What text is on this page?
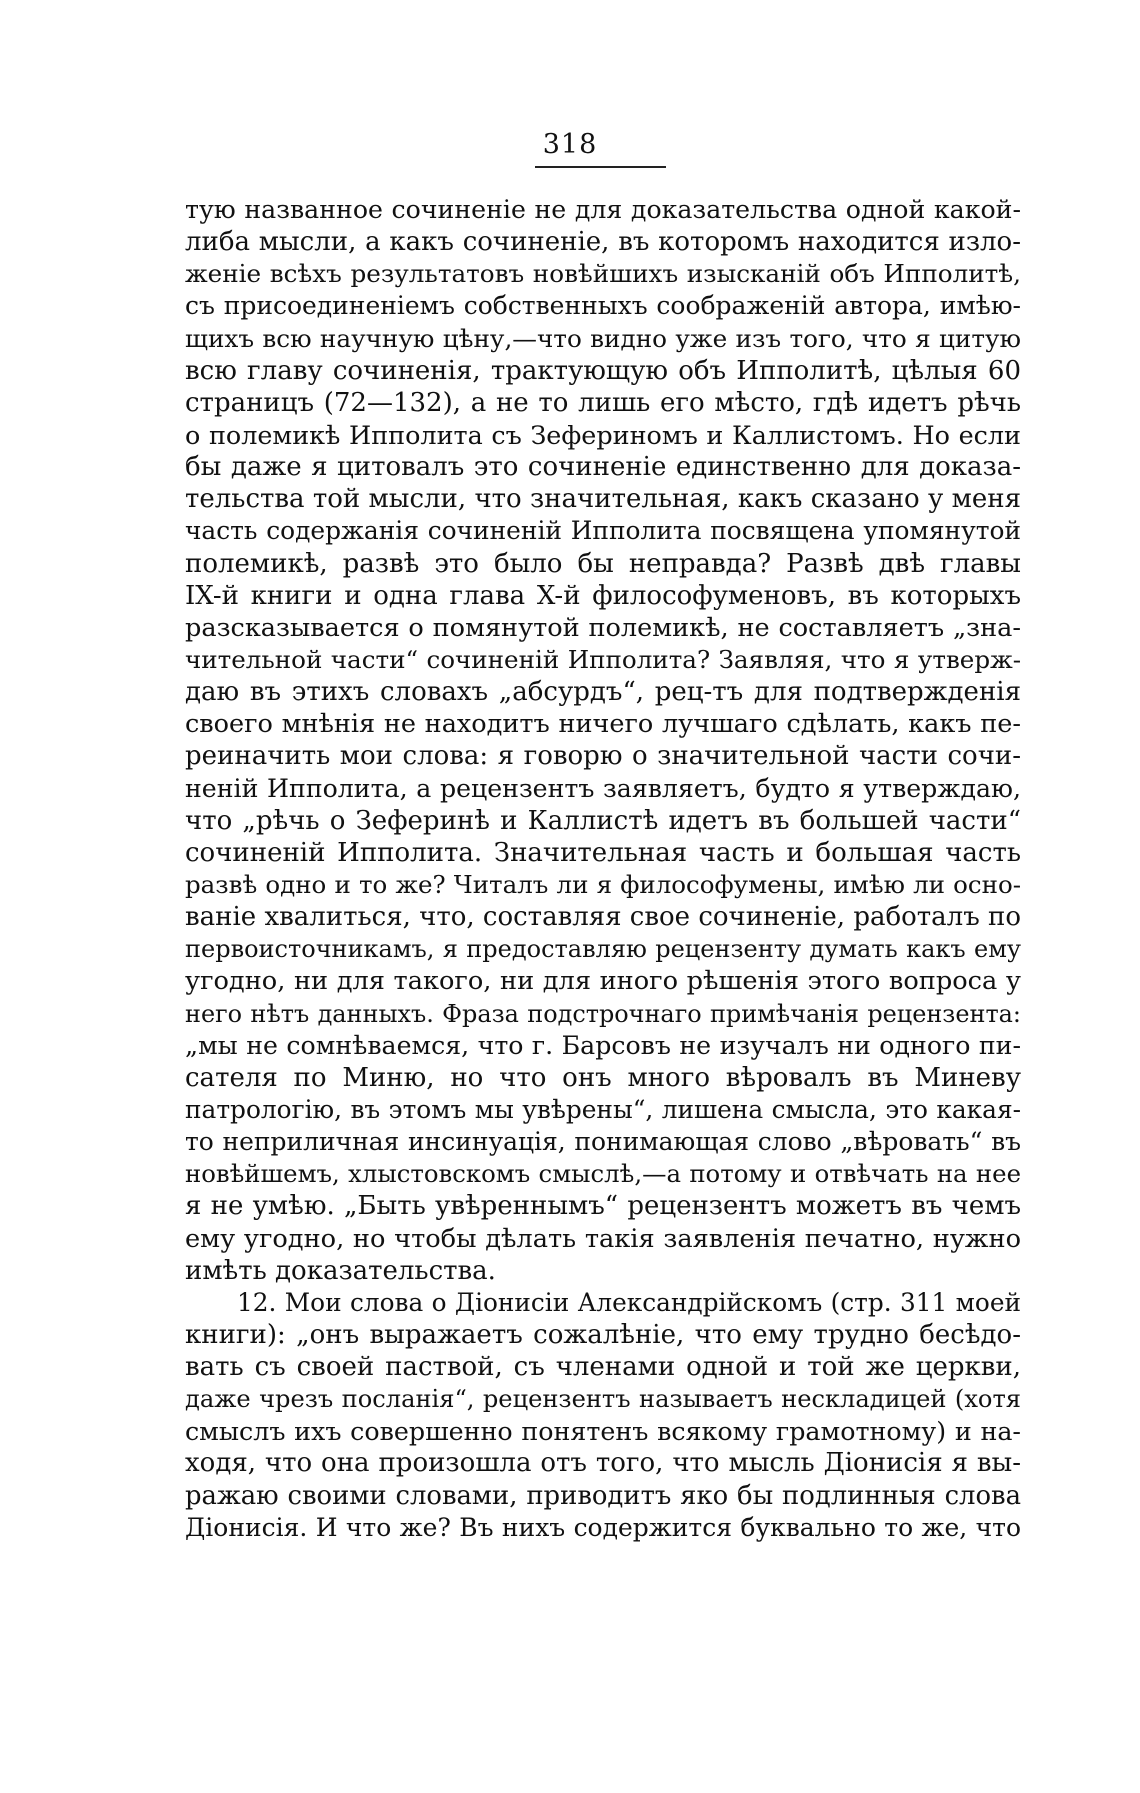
318
тую названное сочиненіе не для доказательства одной какой-
либа мысли, а какъ сочиненіе, въ которомъ находится изло-
женіе всѣхъ результатовъ новѣйшихъ изысканій объ Ипполитѣ,
съ присоединеніемъ собственныхъ соображеній автора, имѣю-
щихъ всю научную цѣну,—что видно уже изъ того, что я цитую
всю главу сочиненія, трактующую объ Ипполитѣ, цѣлыя 60
страницъ (72—132), а не то лишь его мѣсто, гдѣ идетъ рѣчь
о полемикѣ Ипполита съ Зефериномъ и Каллистомъ. Но если
бы даже я цитовалъ это сочиненіе единственно для доказа-
тельства той мысли, что значительная, какъ сказано у меня
часть содержанія сочиненій Ипполита посвящена упомянутой
полемикѣ, развѣ это было бы неправда? Развѣ двѣ главы
IX-й книги и одна глава X-й философуменовъ, въ которыхъ
разсказывается о помянутой полемикѣ, не составляетъ „зна-
чительной части“ сочиненій Ипполита? Заявляя, что я утверж-
даю въ этихъ словахъ „абсурдъ“, рец-тъ для подтвержденія
своего мнѣнія не находитъ ничего лучшаго сдѣлать, какъ пе-
реиначить мои слова: я говорю о значительной части сочи-
неній Ипполита, а рецензентъ заявляетъ, будто я утверждаю,
что „рѣчь о Зеферинѣ и Каллистѣ идетъ въ большей части“
сочиненій Ипполита. Значительная часть и большая часть
развѣ одно и то же? Читалъ ли я философумены, имѣю ли осно-
ваніе хвалиться, что, составляя свое сочиненіе, работалъ по
первоисточникамъ, я предоставляю рецензенту думать какъ ему
угодно, ни для такого, ни для иного рѣшенія этого вопроса у
него нѣтъ данныхъ. Фраза подстрочнаго примѣчанія рецензента:
„мы не сомнѣваемся, что г. Барсовъ не изучалъ ни одного пи-
сателя по Миню, но что онъ много вѣровалъ въ Миневу
патрологію, въ этомъ мы увѣрены“, лишена смысла, это какая-
то неприличная инсинуація, понимающая слово „вѣровать“ въ
новѣйшемъ, хлыстовскомъ смыслѣ,—а потому и отвѣчать на нее
я не умѣю. „Быть увѣреннымъ“ рецензентъ можетъ въ чемъ
ему угодно, но чтобы дѣлать такія заявленія печатно, нужно
имѣть доказательства.
12. Мои слова о Діонисіи Александрійскомъ (стр. 311 моей
книги): „онъ выражаетъ сожалѣніе, что ему трудно бесѣдо-
вать съ своей паствой, съ членами одной и той же церкви,
даже чрезъ посланія“, рецензентъ называетъ нескладицей (хотя
смыслъ ихъ совершенно понятенъ всякому грамотному) и на-
ходя, что она произошла отъ того, что мысль Діонисія я вы-
ражаю своими словами, приводитъ яко бы подлинныя слова
Діонисія. И что же? Въ нихъ содержится буквально то же, что
